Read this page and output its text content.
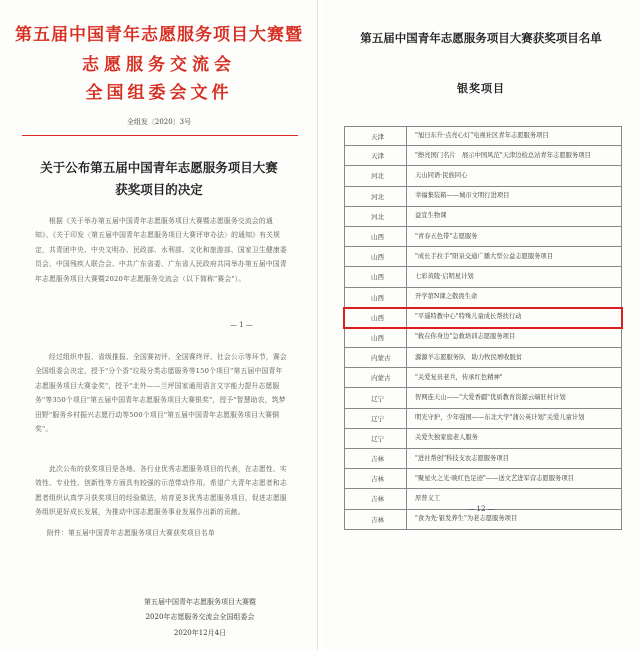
第五届中国青年志愿服务项目大赛暨
志愿服务交流会
全国组委会文件
全组发〔2020〕3号
关于公布第五届中国青年志愿服务项目大赛
获奖项目的决定
根据《关于举办第五届中国青年志愿服务项目大赛暨志愿服务交流会的通知》、《关于印发〈第五届中国青年志愿服务项目大赛评审办法〉的通知》有关规定，共青团中央、中央文明办、民政部、水利部、文化和旅游部、国家卫生健康委员会、中国残疾人联合会、中共广东省委、广东省人民政府共同举办第五届中国青年志愿服务项目大赛暨2020年志愿服务交流会（以下简称"赛会"）。
— 1 —
经过组织申报、省级推报、全国赛初评、全国赛终评、社会公示等环节，赛会全国组委会决定，授予"分个香"垃圾分类志愿服务等150个项目"第五届中国青年志愿服务项目大赛金奖"，授予"北外——兰坪国家通用语言文字能力提升志愿服务"等350个项目"第五届中国青年志愿服务项目大赛银奖"，授予"智慧助农，筑梦田野"服务乡村振兴志愿行动等500个项目"第五届中国青年志愿服务项目大赛铜奖"。
此次公布的获奖项目是各地、各行业优秀志愿服务项目的代表，在志愿性、实效性、专业性、创新性等方面具有较强的示范带动作用。希望广大青年志愿者和志愿者组织认真学习获奖项目的经验做法，培育更多优秀志愿服务项目，促进志愿服务组织更好成长发展，为推动中国志愿服务事业发展作出新的贡献。
附件：第五届中国青年志愿服务项目大赛获奖项目名单
第五届中国青年志愿服务项目大赛暨
2020年志愿服务交流会全国组委会
2020年12月4日
第五届中国青年志愿服务项目大赛获奖项目名单
银奖项目
天津	"旭日东升·点亮心灯"电视社区青年志愿服务项目
天津	"擦亮国门名片　展示中国风范"天津边检总站青年志愿服务项目
河北	天山同语·民族同心
河北	幸福集装箱——城市文明行进项目
河北	益宣生物课
山西	"青春五色带"志愿服务
山西	"成长手拉手"阳泉交通广播大型公益志愿服务项目
山西	七彩黄陵·启明星计划
山西	开学第N课之敬畏生命
山西	"平遥特教中心"特殊儿童成长帮扶行动
山西	"救在你身边"急救培训志愿服务项目
内蒙古	源源羊志愿服务队　助力牧民增收脱贫
内蒙古	"关爱复员老兵，传承红色精神"
辽宁	智网连天山——"大爱香疆"优质教育资源云端驻村计划
辽宁	明光守护，少年强国——东北大学"蒲公英计划"关爱儿童计划
辽宁	关爱失独家庭老人服务
吉林	"进社帮创"科技支农志愿服务项目
吉林	"聚星火之光·映红色足迹"——送文艺进军营志愿服务项目
吉林	厚普义工
吉林	"食为先·银发养生"为老志愿服务项目
— 12 —
